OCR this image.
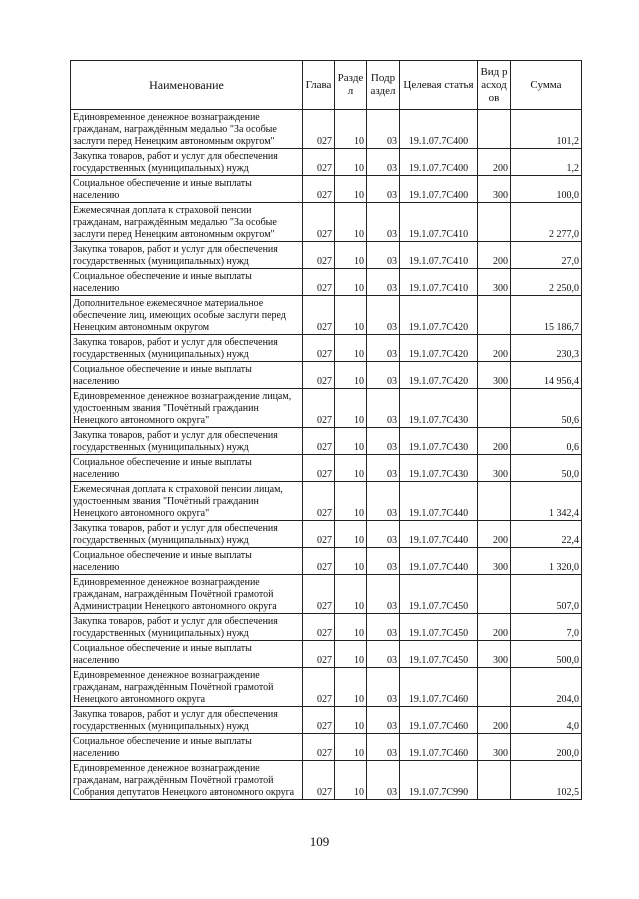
Наименование	Глава	Раздел	Подраздел	Целевая статья	Вид расходов	Сумма
Единовременное денежное вознаграждение гражданам, награждённым медалью "За особые заслуги перед Ненецким автономным округом"	027	10	03	19.1.07.7С400		101,2
Закупка товаров, работ и услуг для обеспечения государственных (муниципальных) нужд	027	10	03	19.1.07.7С400	200	1,2
Социальное обеспечение и иные выплаты населению	027	10	03	19.1.07.7С400	300	100,0
Ежемесячная доплата к страховой пенсии гражданам, награждённым медалью "За особые заслуги перед Ненецким автономным округом"	027	10	03	19.1.07.7С410		2 277,0
Закупка товаров, работ и услуг для обеспечения государственных (муниципальных) нужд	027	10	03	19.1.07.7С410	200	27,0
Социальное обеспечение и иные выплаты населению	027	10	03	19.1.07.7С410	300	2 250,0
Дополнительное ежемесячное материальное обеспечение лиц, имеющих особые заслуги перед Ненецким автономным округом	027	10	03	19.1.07.7С420		15 186,7
Закупка товаров, работ и услуг для обеспечения государственных (муниципальных) нужд	027	10	03	19.1.07.7С420	200	230,3
Социальное обеспечение и иные выплаты населению	027	10	03	19.1.07.7С420	300	14 956,4
Единовременное денежное вознаграждение лицам, удостоенным звания "Почётный гражданин Ненецкого автономного округа"	027	10	03	19.1.07.7С430		50,6
Закупка товаров, работ и услуг для обеспечения государственных (муниципальных) нужд	027	10	03	19.1.07.7С430	200	0,6
Социальное обеспечение и иные выплаты населению	027	10	03	19.1.07.7С430	300	50,0
Ежемесячная доплата к страховой пенсии лицам, удостоенным звания "Почётный гражданин Ненецкого автономного округа"	027	10	03	19.1.07.7С440		1 342,4
Закупка товаров, работ и услуг для обеспечения государственных (муниципальных) нужд	027	10	03	19.1.07.7С440	200	22,4
Социальное обеспечение и иные выплаты населению	027	10	03	19.1.07.7С440	300	1 320,0
Единовременное денежное вознаграждение гражданам, награждённым Почётной грамотой Администрации Ненецкого автономного округа	027	10	03	19.1.07.7С450		507,0
Закупка товаров, работ и услуг для обеспечения государственных (муниципальных) нужд	027	10	03	19.1.07.7С450	200	7,0
Социальное обеспечение и иные выплаты населению	027	10	03	19.1.07.7С450	300	500,0
Единовременное денежное вознаграждение гражданам, награждённым Почётной грамотой Ненецкого автономного округа	027	10	03	19.1.07.7С460		204,0
Закупка товаров, работ и услуг для обеспечения государственных (муниципальных) нужд	027	10	03	19.1.07.7С460	200	4,0
Социальное обеспечение и иные выплаты населению	027	10	03	19.1.07.7С460	300	200,0
Единовременное денежное вознаграждение гражданам, награждённым Почётной грамотой Собрания депутатов Ненецкого автономного округа	027	10	03	19.1.07.7С990		102,5
109
